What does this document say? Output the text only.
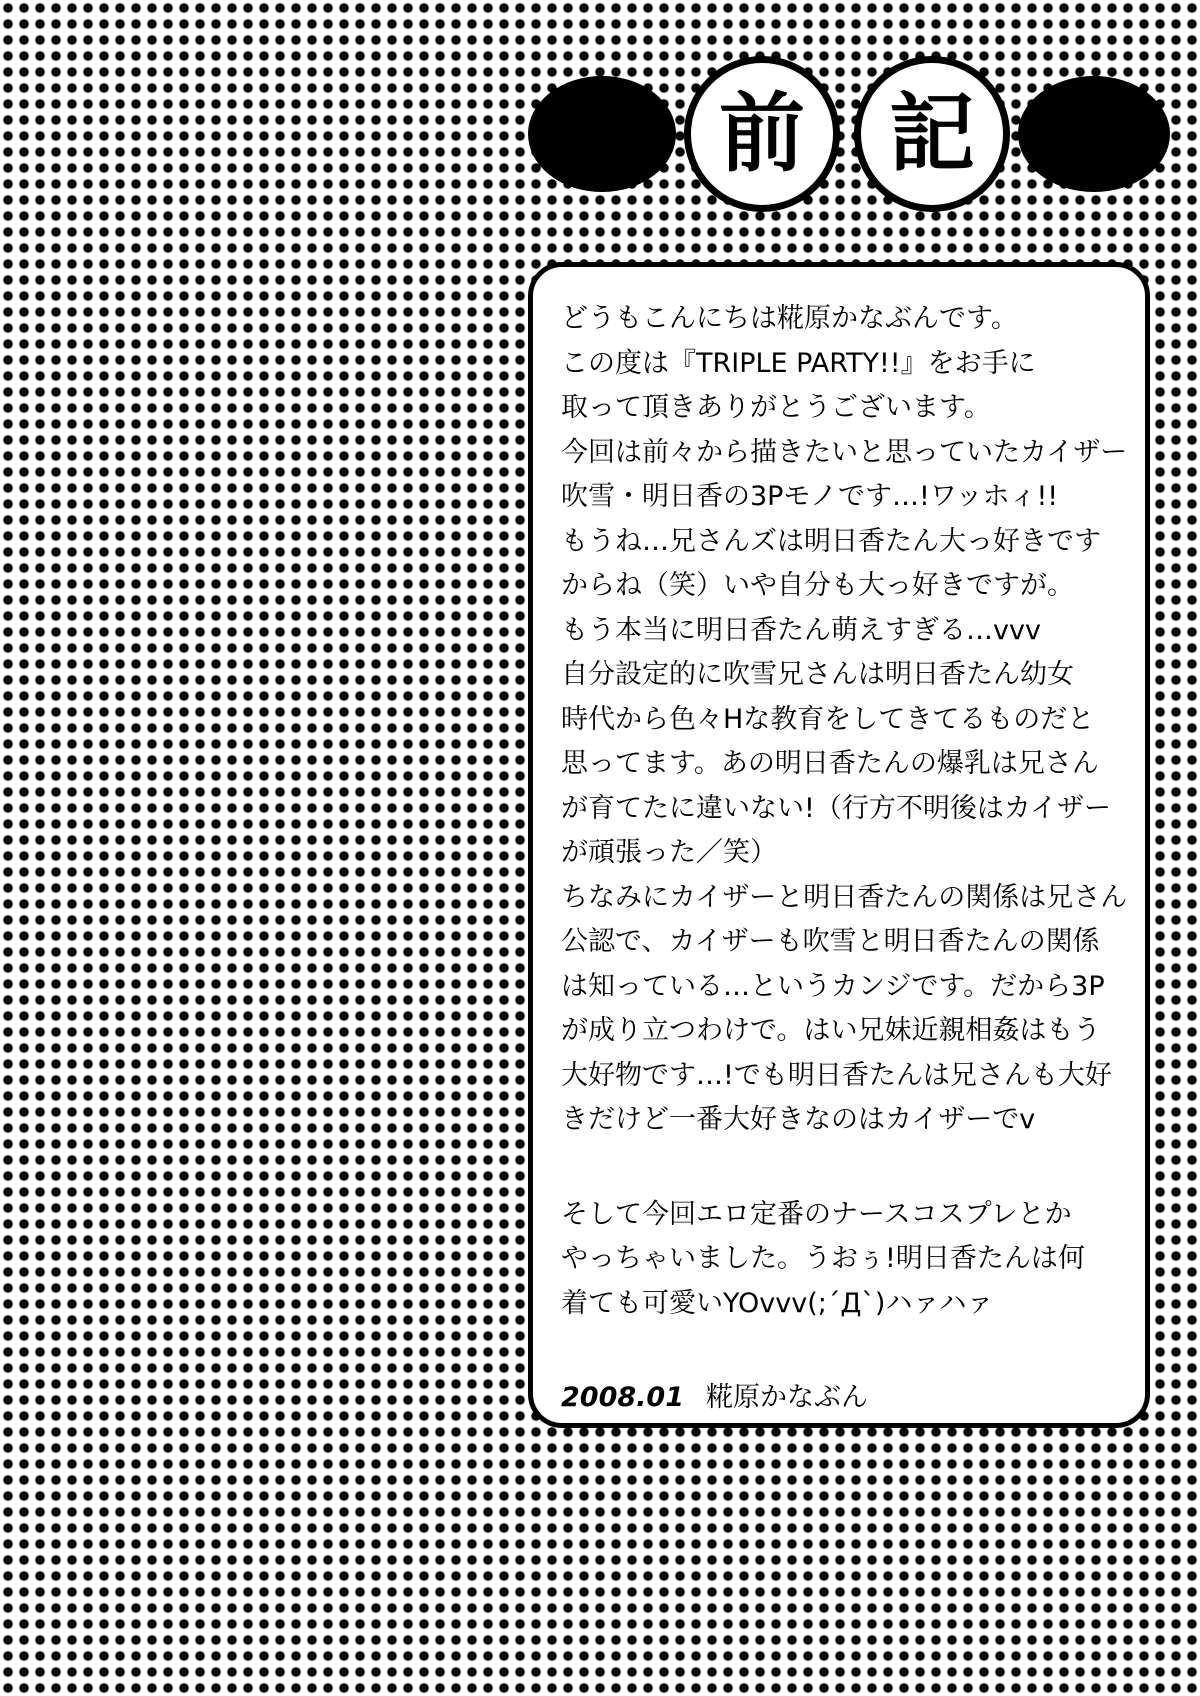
前 記
どうもこんにちは糀原かなぶんです。
この度は『TRIPLE PARTY!!』をお手に
取って頂きありがとうございます。
今回は前々から描きたいと思っていたカイザー
吹雪・明日香の3Pモノです…!ワッホィ!!
もうね…兄さんズは明日香たん大っ好きです
からね（笑）いや自分も大っ好きですが。
もう本当に明日香たん萌えすぎる…vvv
自分設定的に吹雪兄さんは明日香たん幼女
時代から色々Hな教育をしてきてるものだと
思ってます。あの明日香たんの爆乳は兄さん
が育てたに違いない!（行方不明後はカイザー
が頑張った／笑）
ちなみにカイザーと明日香たんの関係は兄さん
公認で、カイザーも吹雪と明日香たんの関係
は知っている…というカンジです。だから3P
が成り立つわけで。はい兄妹近親相姦はもう
大好物です…!でも明日香たんは兄さんも大好
きだけど一番大好きなのはカイザーでv
そして今回エロ定番のナースコスプレとか
やっちゃいました。うおぅ!明日香たんは何
着ても可愛いYOvvv(;´Д`)ハァハァ
2008.01 糀原かなぶん
